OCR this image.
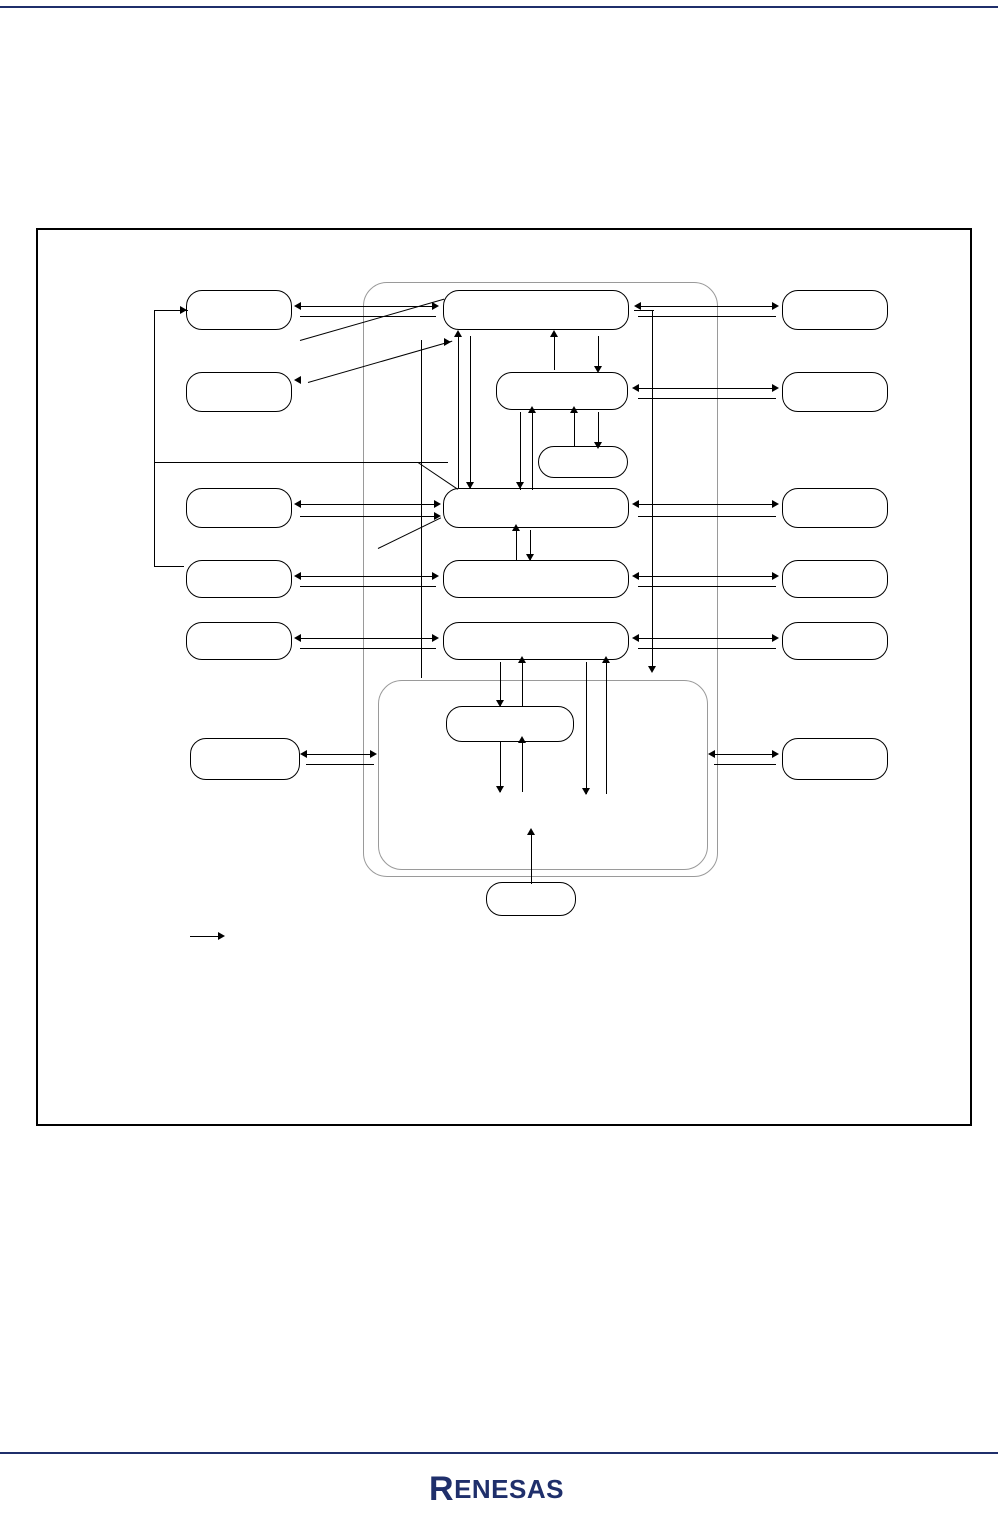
R ENESAS
